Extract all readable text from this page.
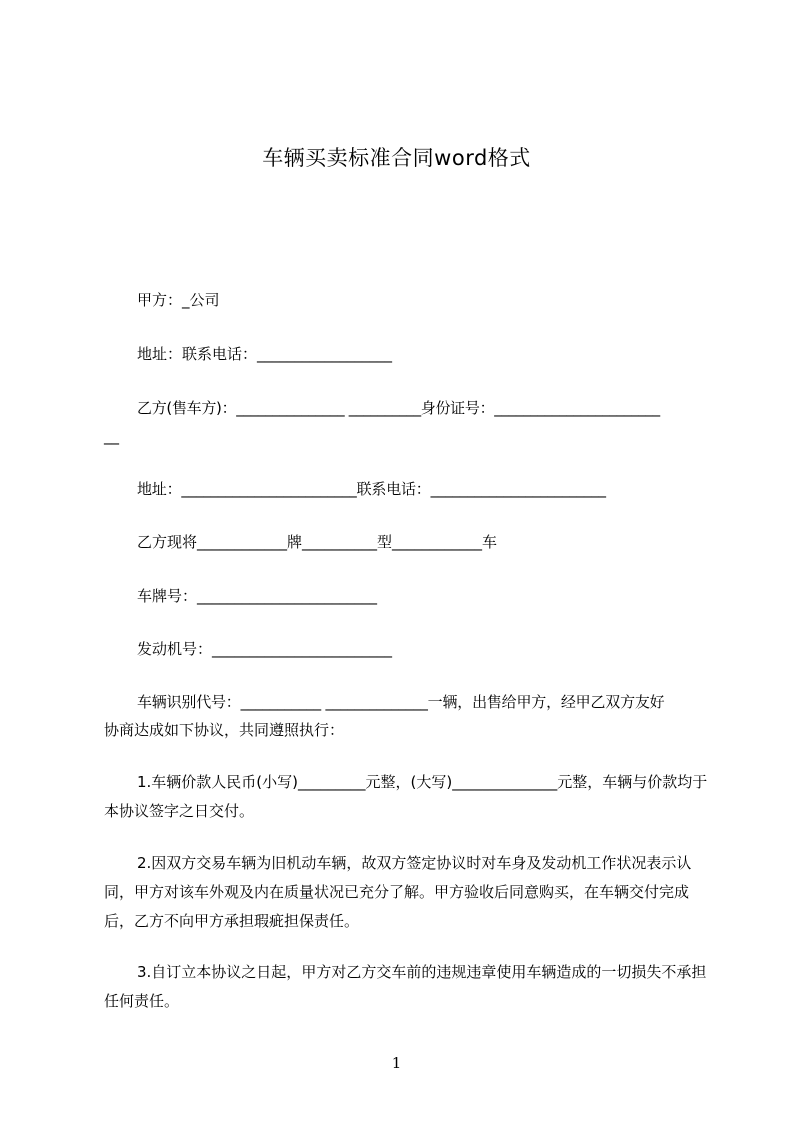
车辆买卖标准合同word格式
甲方：_公司
地址：联系电话：__________________
乙方(售车方)：_______________ __________身份证号：_______________________
__
地址：________________________联系电话：________________________
乙方现将____________牌__________型____________车
车牌号：________________________
发动机号：________________________
车辆识别代号：___________ ______________一辆，出售给甲方，经甲乙双方友好
协商达成如下协议，共同遵照执行：
1.车辆价款人民币(小写)_________元整，(大写)______________元整，车辆与价款均于本协议签字之日交付。
2.因双方交易车辆为旧机动车辆，故双方签定协议时对车身及发动机工作状况表示认同，甲方对该车外观及内在质量状况已充分了解。甲方验收后同意购买，在车辆交付完成后，乙方不向甲方承担瑕疵担保责任。
3.自订立本协议之日起，甲方对乙方交车前的违规违章使用车辆造成的一切损失不承担任何责任。
1
